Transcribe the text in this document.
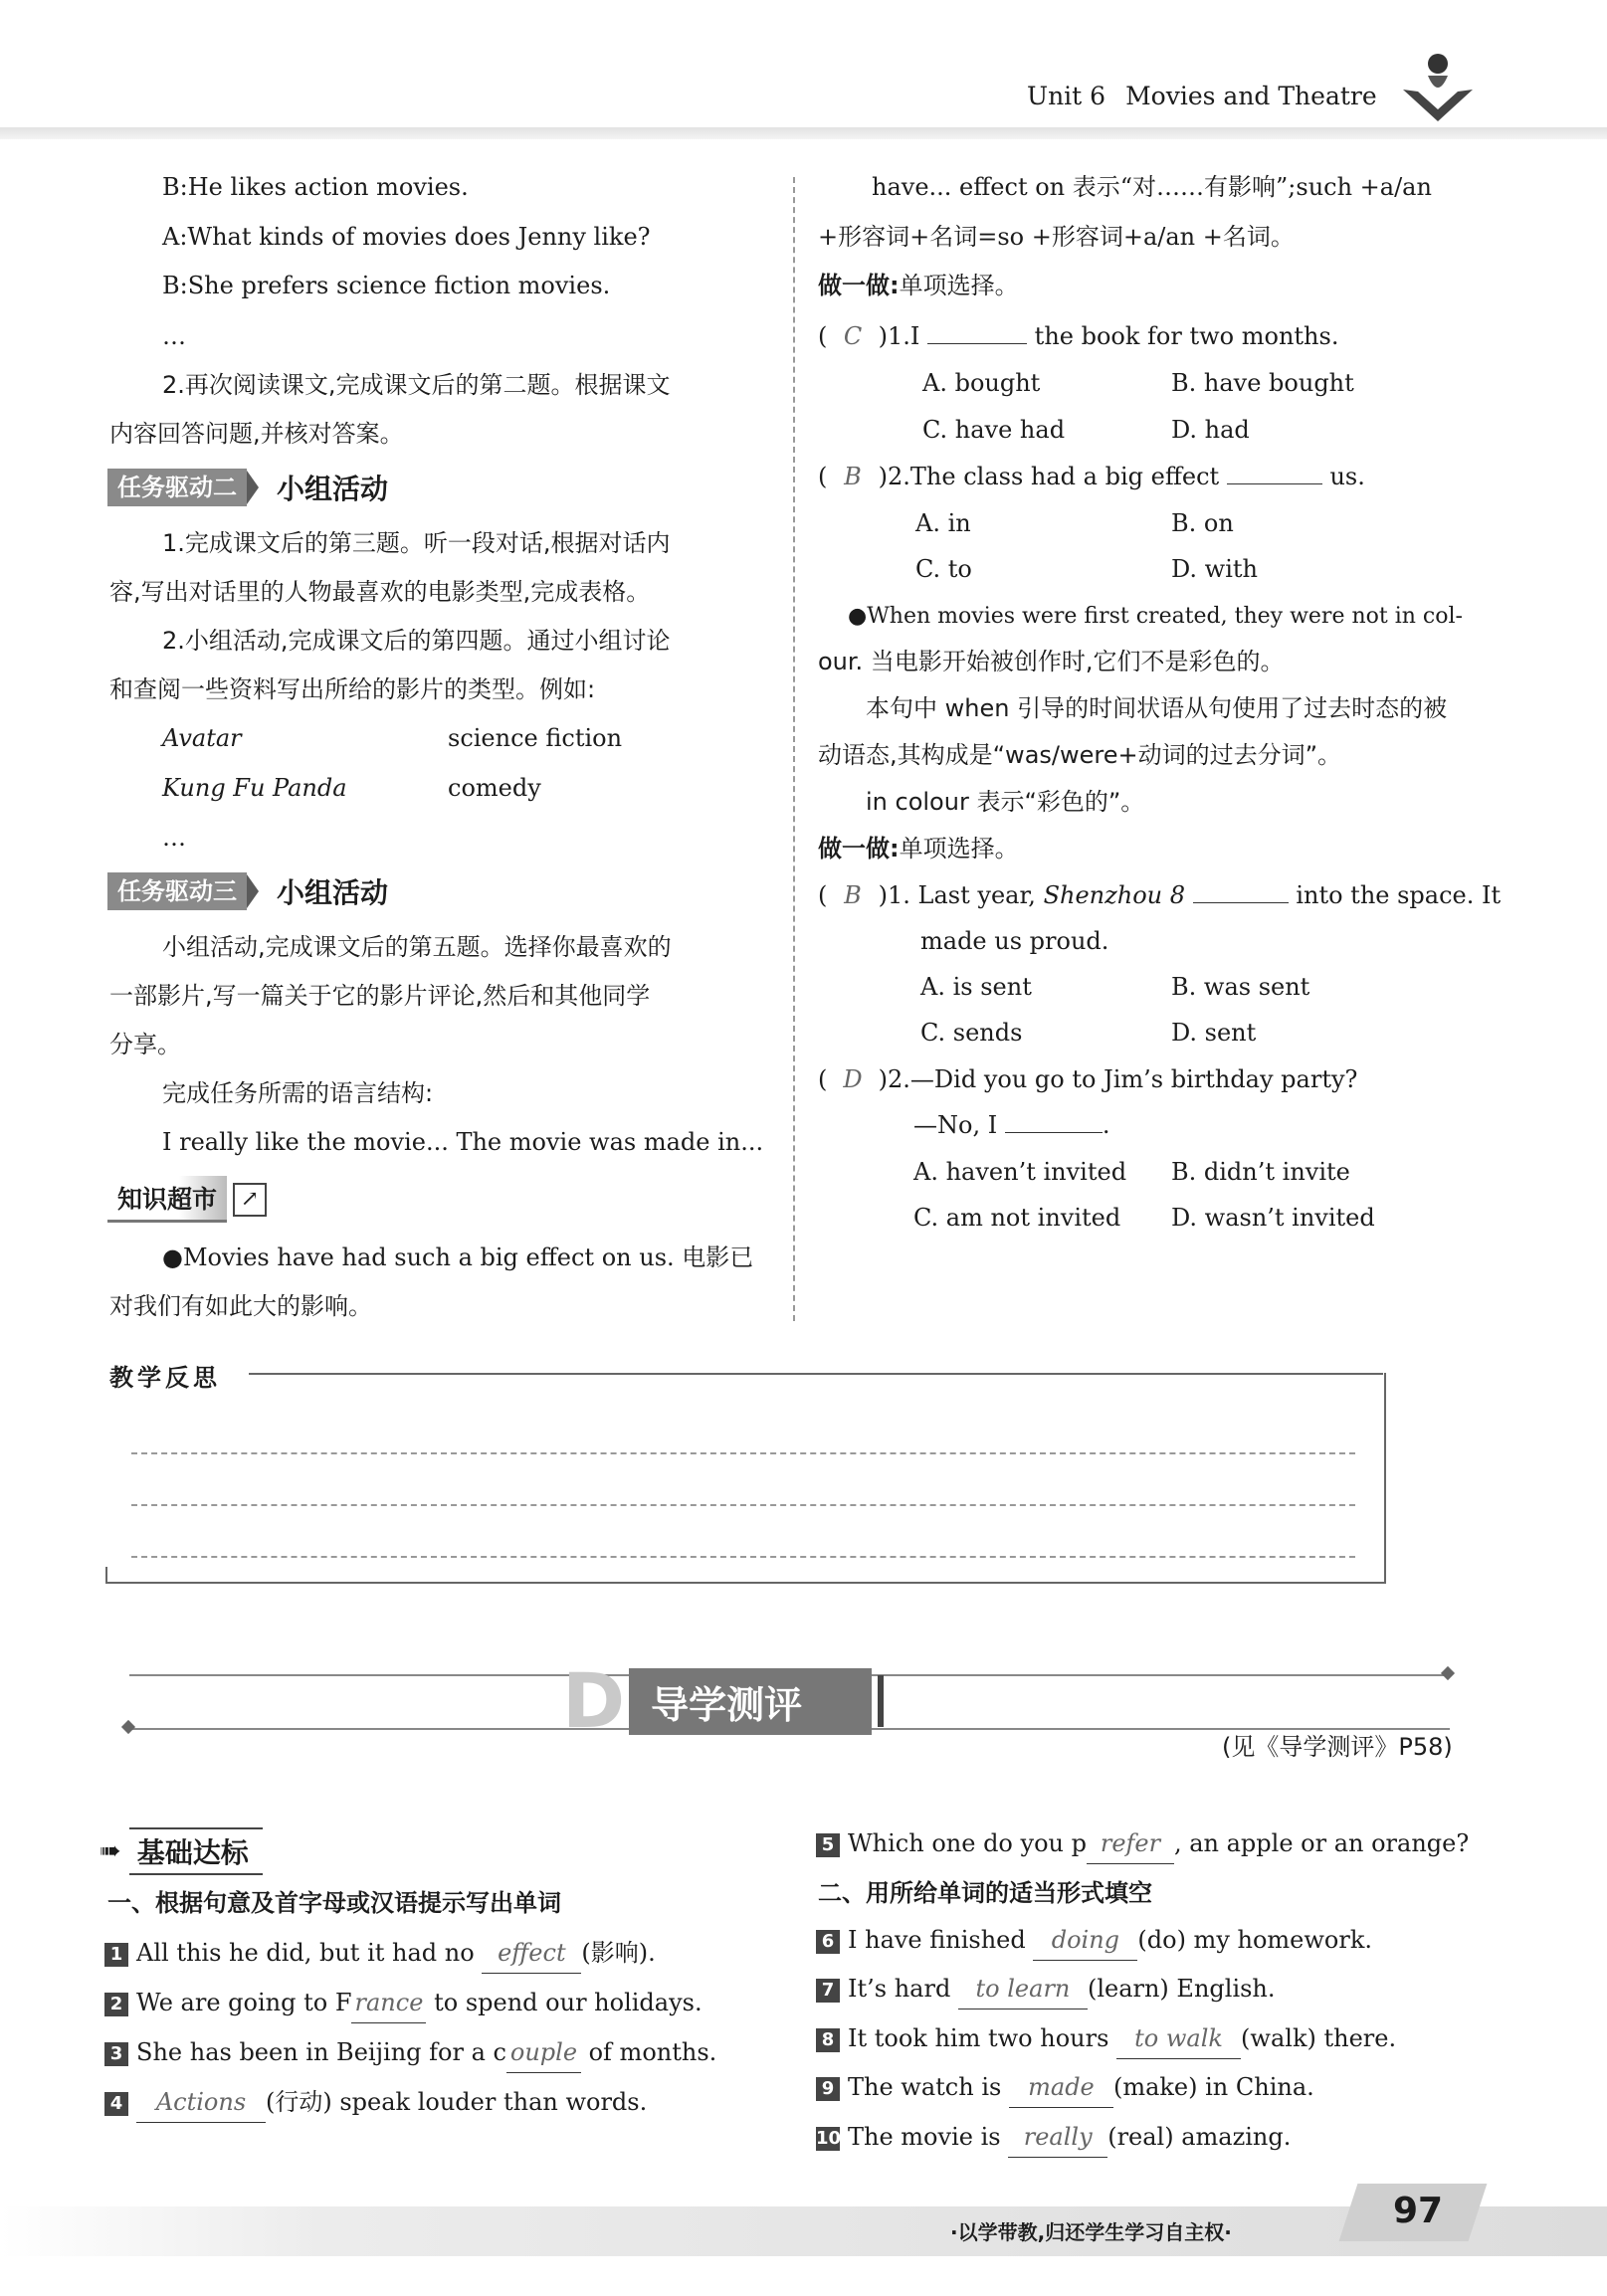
Unit 6 Movies and Theatre
B:He likes action movies.
A:What kinds of movies does Jenny like?
B:She prefers science fiction movies.
…
2.再次阅读课文,完成课文后的第二题。根据课文
内容回答问题,并核对答案。
任务驱动二	小组活动
1.完成课文后的第三题。听一段对话,根据对话内
容,写出对话里的人物最喜欢的电影类型,完成表格。
2.小组活动,完成课文后的第四题。通过小组讨论
和查阅一些资料写出所给的影片的类型。例如:
Avatar	science fiction
Kung Fu Panda	comedy
…
任务驱动三	小组活动
小组活动,完成课文后的第五题。选择你最喜欢的
一部影片,写一篇关于它的影片评论,然后和其他同学
分享。
完成任务所需的语言结构:
I really like the movie... The movie was made in...
知识超市	↗
●Movies have had such a big effect on us. 电影已
对我们有如此大的影响。
have... effect on 表示“对……有影响”;such +a/an
+形容词+名词=so +形容词+a/an +名词。
做一做:单项选择。
( C )1.I	the book for two months.
A. bought	B. have bought
C. have had	D. had
( B )2.The class had a big effect	us.
A. in	B. on
C. to	D. with
●When movies were first created, they were not in col-
our. 当电影开始被创作时,它们不是彩色的。
本句中 when 引导的时间状语从句使用了过去时态的被
动语态,其构成是“was/were+动词的过去分词”。
in colour 表示“彩色的”。
做一做:单项选择。
( B )1. Last year, Shenzhou 8	into the space. It
made us proud.
A. is sent	B. was sent
C. sends	D. sent
( D )2.—Did you go to Jim’s birthday party?
—No, I	.
A. haven’t invited B. didn’t invite
C. am not invited D. wasn’t invited
教学反思
D 导学测评
(见《导学测评》P58)
➠ 基础达标
一、根据句意及首字母或汉语提示写出单词
1 All this he did, but it had no effect (影响).
2 We are going to F rance to spend our holidays.
3 She has been in Beijing for a c ouple of months.
4 Actions (行动) speak louder than words.
5 Which one do you p refer , an apple or an orange?
二、用所给单词的适当形式填空
6 I have finished doing (do) my homework.
7 It’s hard to learn (learn) English.
8 It took him two hours to walk (walk) there.
9 The watch is made (make) in China.
10 The movie is really (real) amazing.
·以学带教,归还学生学习自主权·
97
